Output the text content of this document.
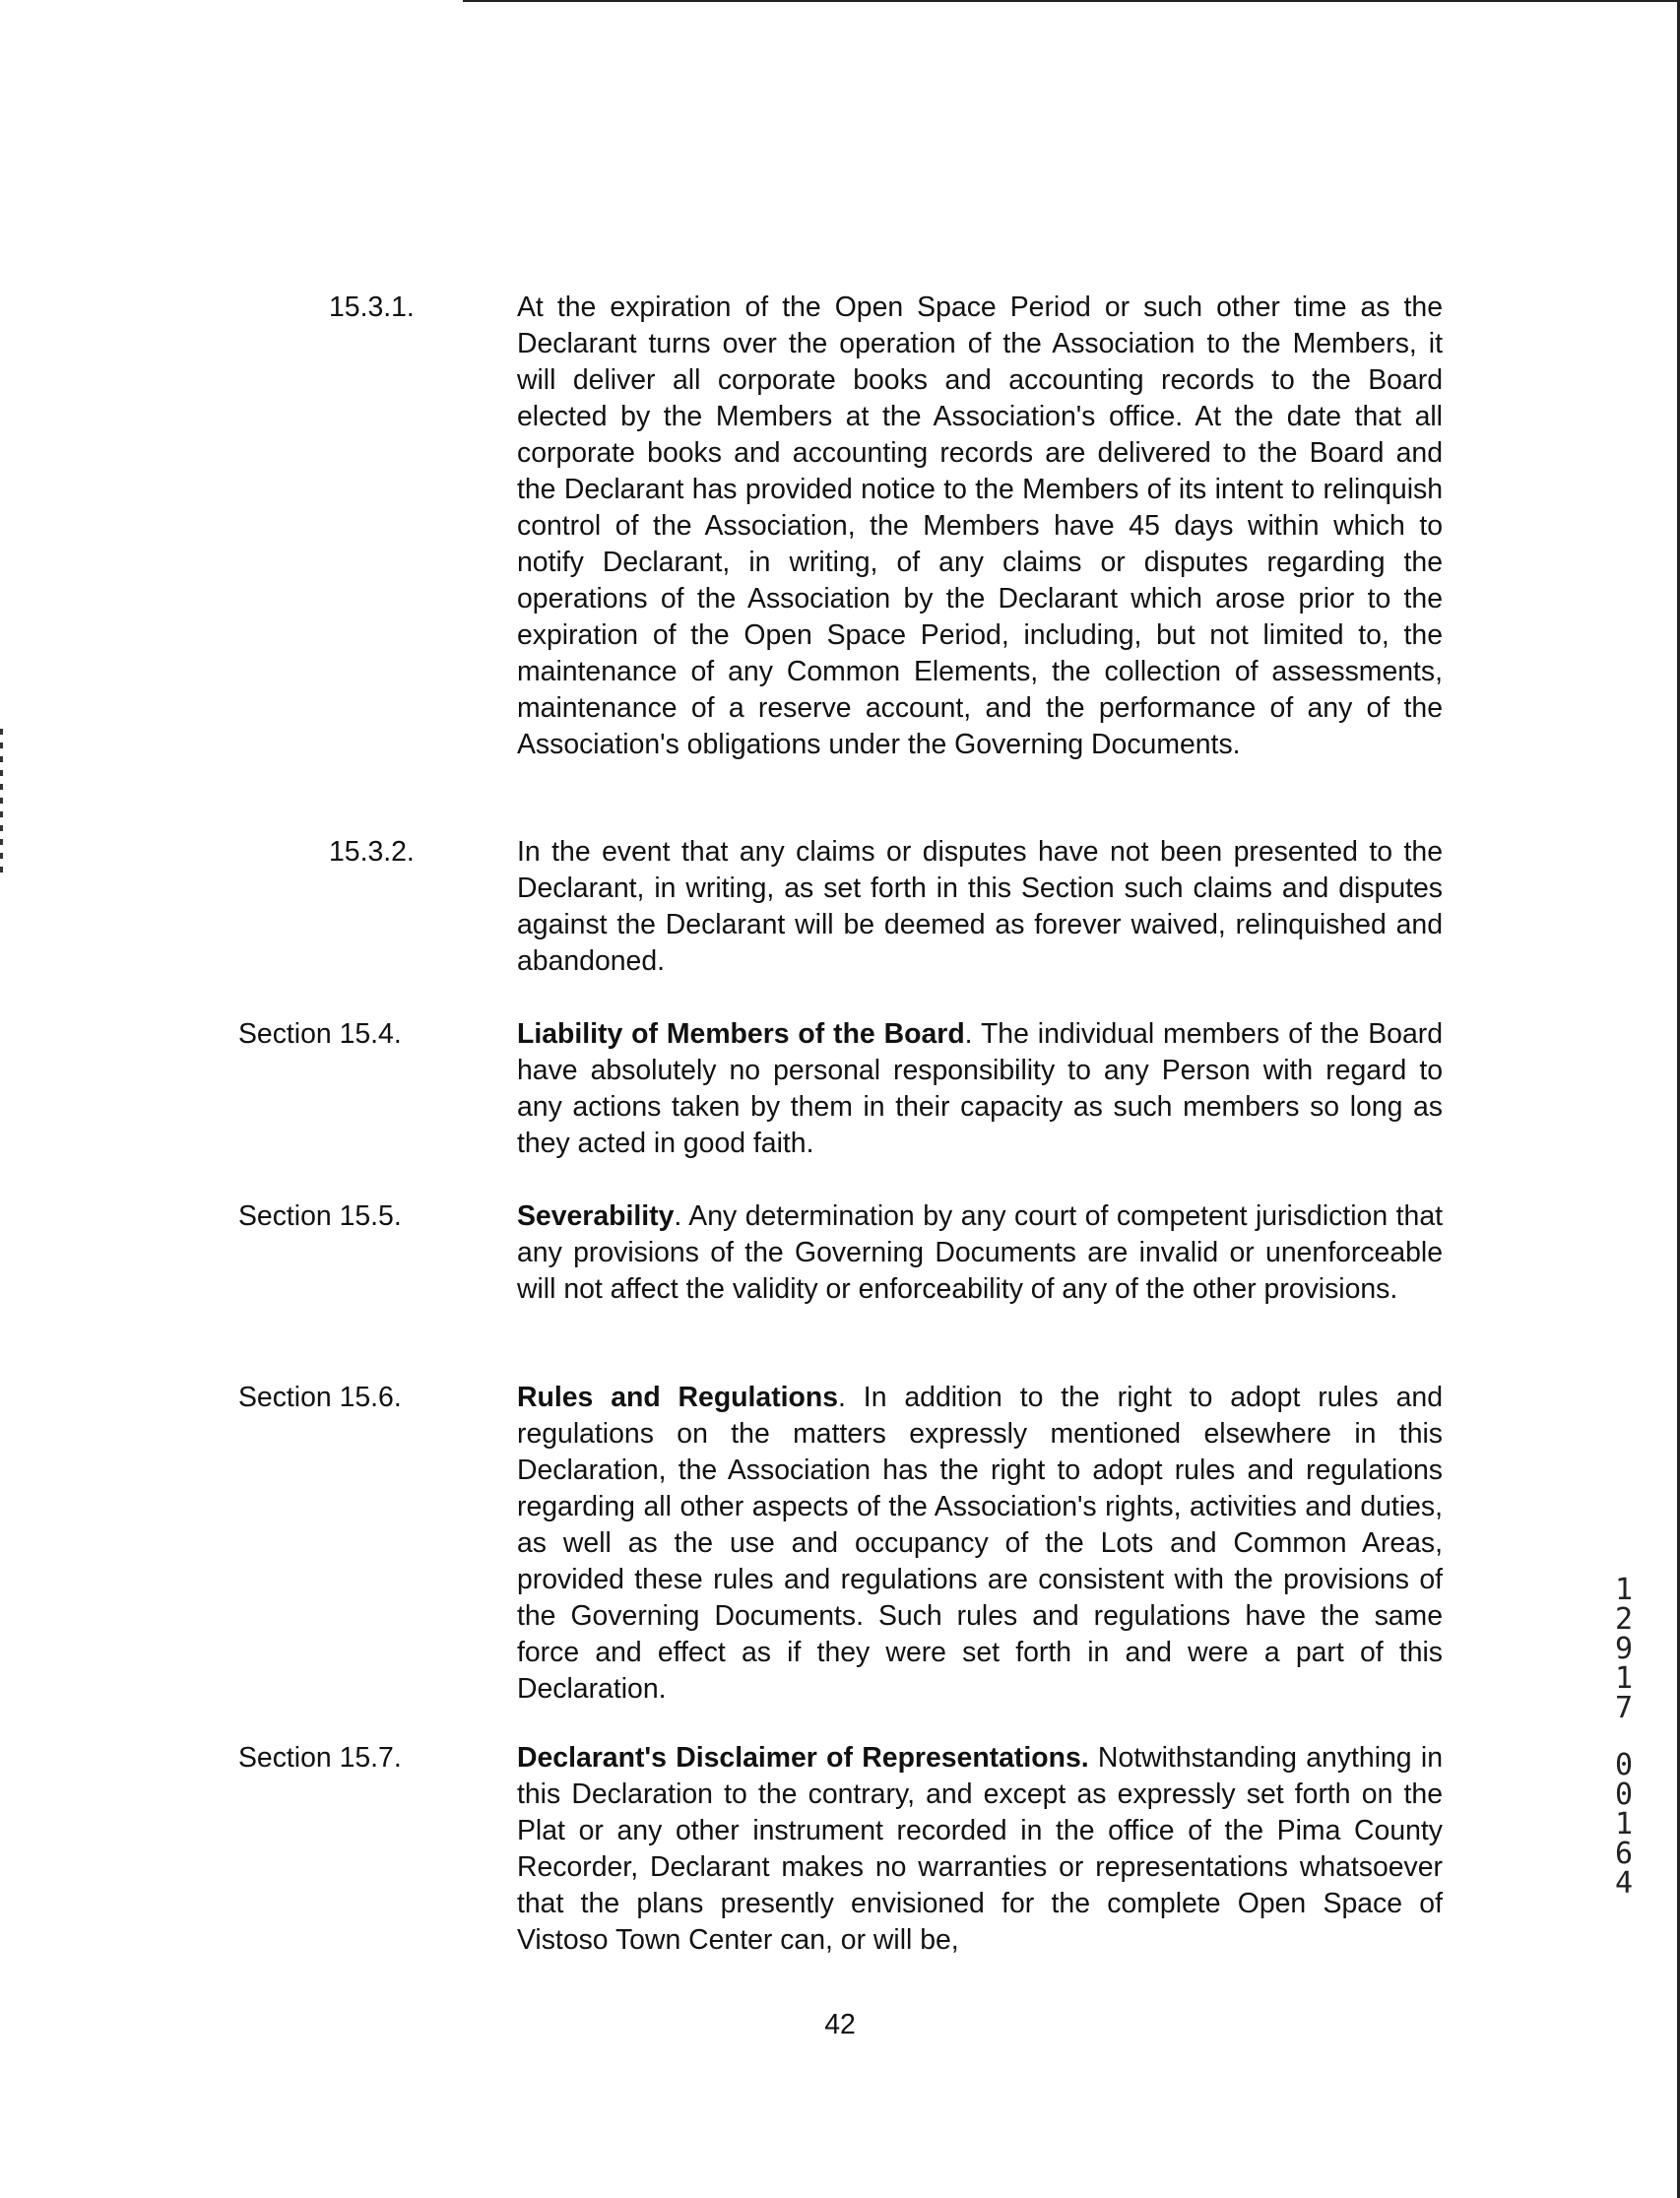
15.3.1.	At the expiration of the Open Space Period or such other time as the Declarant turns over the operation of the Association to the Members, it will deliver all corporate books and accounting records to the Board elected by the Members at the Association's office. At the date that all corporate books and accounting records are delivered to the Board and the Declarant has provided notice to the Members of its intent to relinquish control of the Association, the Members have 45 days within which to notify Declarant, in writing, of any claims or disputes regarding the operations of the Association by the Declarant which arose prior to the expiration of the Open Space Period, including, but not limited to, the maintenance of any Common Elements, the collection of assessments, maintenance of a reserve account, and the performance of any of the Association's obligations under the Governing Documents.
15.3.2.	In the event that any claims or disputes have not been presented to the Declarant, in writing, as set forth in this Section such claims and disputes against the Declarant will be deemed as forever waived, relinquished and abandoned.
Section 15.4.	Liability of Members of the Board. The individual members of the Board have absolutely no personal responsibility to any Person with regard to any actions taken by them in their capacity as such members so long as they acted in good faith.
Section 15.5.	Severability. Any determination by any court of competent jurisdiction that any provisions of the Governing Documents are invalid or unenforceable will not affect the validity or enforceability of any of the other provisions.
Section 15.6.	Rules and Regulations. In addition to the right to adopt rules and regulations on the matters expressly mentioned elsewhere in this Declaration, the Association has the right to adopt rules and regulations regarding all other aspects of the Association's rights, activities and duties, as well as the use and occupancy of the Lots and Common Areas, provided these rules and regulations are consistent with the provisions of the Governing Documents. Such rules and regulations have the same force and effect as if they were set forth in and were a part of this Declaration.
Section 15.7.	Declarant's Disclaimer of Representations. Notwithstanding anything in this Declaration to the contrary, and except as expressly set forth on the Plat or any other instrument recorded in the office of the Pima County Recorder, Declarant makes no warranties or representations whatsoever that the plans presently envisioned for the complete Open Space of Vistoso Town Center can, or will be,
42
1
2
9
1
7
0
0
1
6
4
